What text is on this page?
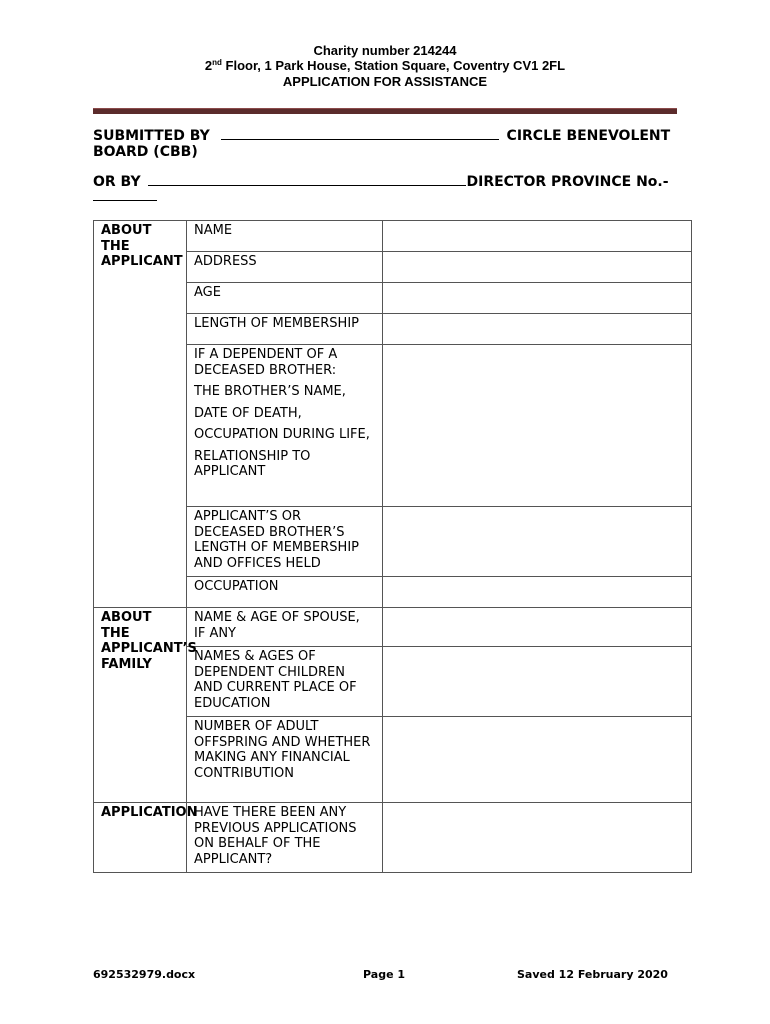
Charity number 214244
2nd Floor, 1 Park House, Station Square, Coventry CV1 2FL
APPLICATION FOR ASSISTANCE
SUBMITTED BY	CIRCLE BENEVOLENT
BOARD (CBB)
OR BY	DIRECTOR PROVINCE No.-
ABOUT THE APPLICANT	NAME	
	ADDRESS	
	AGE	
	LENGTH OF MEMBERSHIP	

	IF A DEPENDENT OF A DECEASED BROTHER:

THE BROTHER’S NAME,

DATE OF DEATH,

OCCUPATION DURING LIFE,

RELATIONSHIP TO APPLICANT	

	APPLICANT’S OR DECEASED BROTHER’S LENGTH OF MEMBERSHIP AND OFFICES HELD	
	OCCUPATION	
ABOUT THE APPLICANT’S FAMILY	NAME & AGE OF SPOUSE, IF ANY	
	NAMES & AGES OF DEPENDENT CHILDREN AND CURRENT PLACE OF EDUCATION	
	NUMBER OF ADULT OFFSPRING AND WHETHER MAKING ANY FINANCIAL CONTRIBUTION	
APPLICATION	HAVE THERE BEEN ANY PREVIOUS APPLICATIONS ON BEHALF OF THE APPLICANT?	
692532979.docx	Page 1	Saved 12 February 2020
